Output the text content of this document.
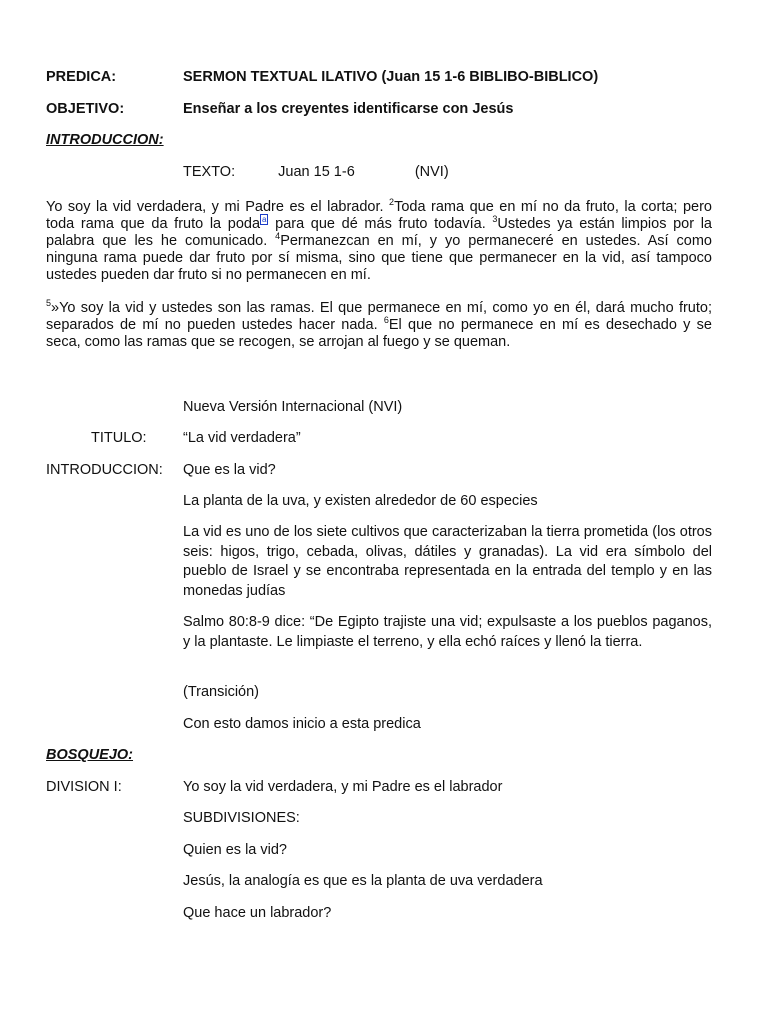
PREDICA:	SERMON TEXTUAL ILATIVO (Juan 15 1-6 BIBLIBO-BIBLICO)
OBJETIVO:	Enseñar a los creyentes identificarse con Jesús
INTRODUCCION:
TEXTO:	Juan 15 1-6	(NVI)
Yo soy la vid verdadera, y mi Padre es el labrador. $^2$Toda rama que en mí no da fruto, la corta; pero toda rama que da fruto la poda $^a$ para que dé más fruto todavía. $^3$Ustedes ya están limpios por la palabra que les he comunicado. $^4$Permanezcan en mí, y yo permaneceré en ustedes. Así como ninguna rama puede dar fruto por sí misma, sino que tiene que permanecer en la vid, así tampoco ustedes pueden dar fruto si no permanecen en mí.
$^5$»Yo soy la vid y ustedes son las ramas. El que permanece en mí, como yo en él, dará mucho fruto; separados de mí no pueden ustedes hacer nada. $^6$El que no permanece en mí es desechado y se seca, como las ramas que se recogen, se arrojan al fuego y se queman.
Nueva Versión Internacional (NVI)
TITULO:	“La vid verdadera”
INTRODUCCION: Que es la vid?
La planta de la uva, y existen alrededor de 60 especies
La vid es uno de los siete cultivos que caracterizaban la tierra prometida (los otros seis: higos, trigo, cebada, olivas, dátiles y granadas). La vid era símbolo del pueblo de Israel y se encontraba representada en la entrada del templo y en las monedas judías
Salmo 80:8-9 dice: “De Egipto trajiste una vid; expulsaste a los pueblos paganos, y la plantaste. Le limpiaste el terreno, y ella echó raíces y llenó la tierra.
(Transición)
Con esto damos inicio a esta predica
BOSQUEJO:
DIVISION I:	Yo soy la vid verdadera, y mi Padre es el labrador
SUBDIVISIONES:
Quien es la vid?
Jesús, la analogía es que es la planta de uva verdadera
Que hace un labrador?
